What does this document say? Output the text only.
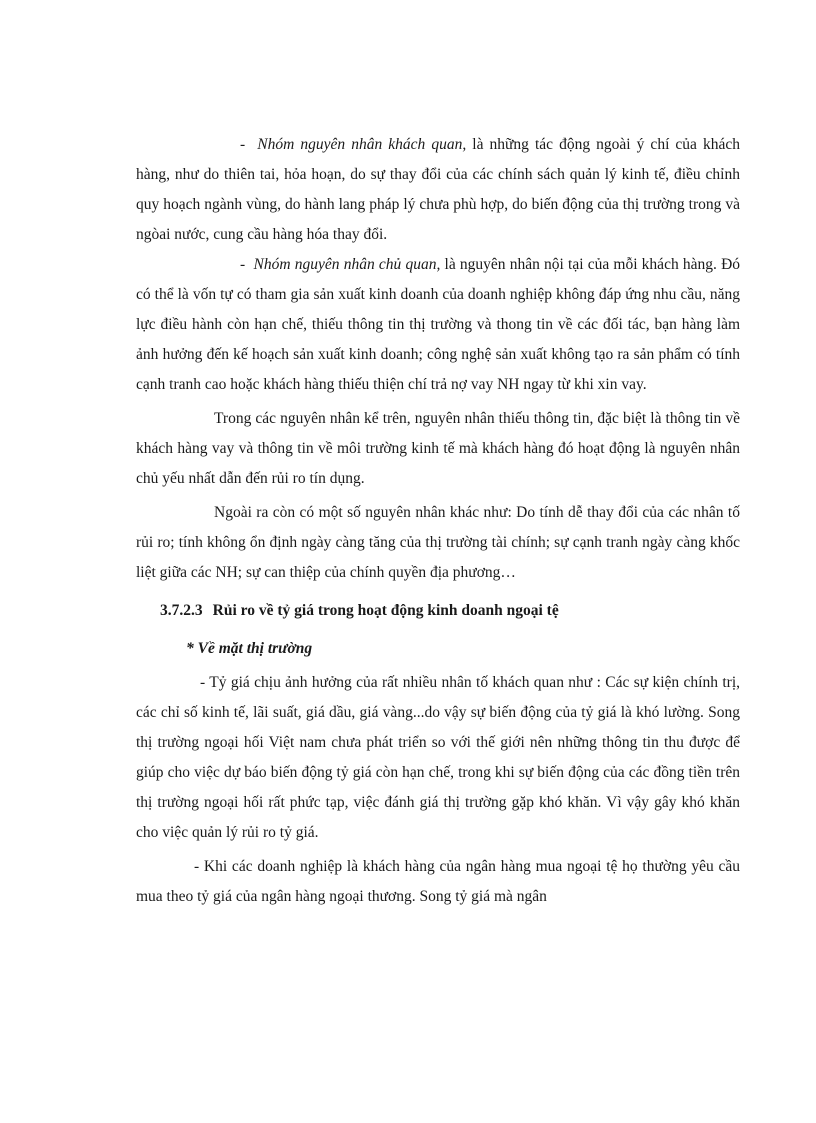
- Nhóm nguyên nhân khách quan, là những tác động ngoài ý chí của khách hàng, như do thiên tai, hỏa hoạn, do sự thay đổi của các chính sách quản lý kinh tế, điều chỉnh quy hoạch ngành vùng, do hành lang pháp lý chưa phù hợp, do biến động của thị trường trong và ngòai nước, cung cầu hàng hóa thay đổi.

- Nhóm nguyên nhân chủ quan, là nguyên nhân nội tại của mỗi khách hàng. Đó có thể là vốn tự có tham gia sản xuất kinh doanh của doanh nghiệp không đáp ứng nhu cầu, năng lực điều hành còn hạn chế, thiếu thông tin thị trường và thong tin về các đối tác, bạn hàng làm ảnh hưởng đến kế hoạch sản xuất kinh doanh; công nghệ sản xuất không tạo ra sản phẩm có tính cạnh tranh cao hoặc khách hàng thiếu thiện chí trả nợ vay NH ngay từ khi xin vay.

Trong các nguyên nhân kể trên, nguyên nhân thiếu thông tin, đặc biệt là thông tin về khách hàng vay và thông tin về môi trường kinh tế mà khách hàng đó hoạt động là nguyên nhân chủ yếu nhất dẫn đến rủi ro tín dụng.

Ngoài ra còn có một số nguyên nhân khác như: Do tính dễ thay đổi của các nhân tố rủi ro; tính không ổn định ngày càng tăng của thị trường tài chính; sự cạnh tranh ngày càng khốc liệt giữa các NH; sự can thiệp của chính quyền địa phương…

3.7.2.3 Rủi ro về tỷ giá trong hoạt động kinh doanh ngoại tệ
* Về mặt thị trường

- Tỷ giá chịu ảnh hưởng của rất nhiều nhân tố khách quan như : Các sự kiện chính trị, các chỉ số kinh tế, lãi suất, giá dầu, giá vàng...do vậy sự biến động của tỷ giá là khó lường. Song thị trường ngoại hối Việt nam chưa phát triển so với thế giới nên những thông tin thu được để giúp cho việc dự báo biến động tỷ giá còn hạn chế, trong khi sự biến động của các đồng tiền trên thị trường ngoại hối rất phức tạp, việc đánh giá thị trường gặp khó khăn. Vì vậy gây khó khăn cho việc quản lý rủi ro tỷ giá.

- Khi các doanh nghiệp là khách hàng của ngân hàng mua ngoại tệ họ thường yêu cầu mua theo tỷ giá của ngân hàng ngoại thương. Song tỷ giá mà ngân
